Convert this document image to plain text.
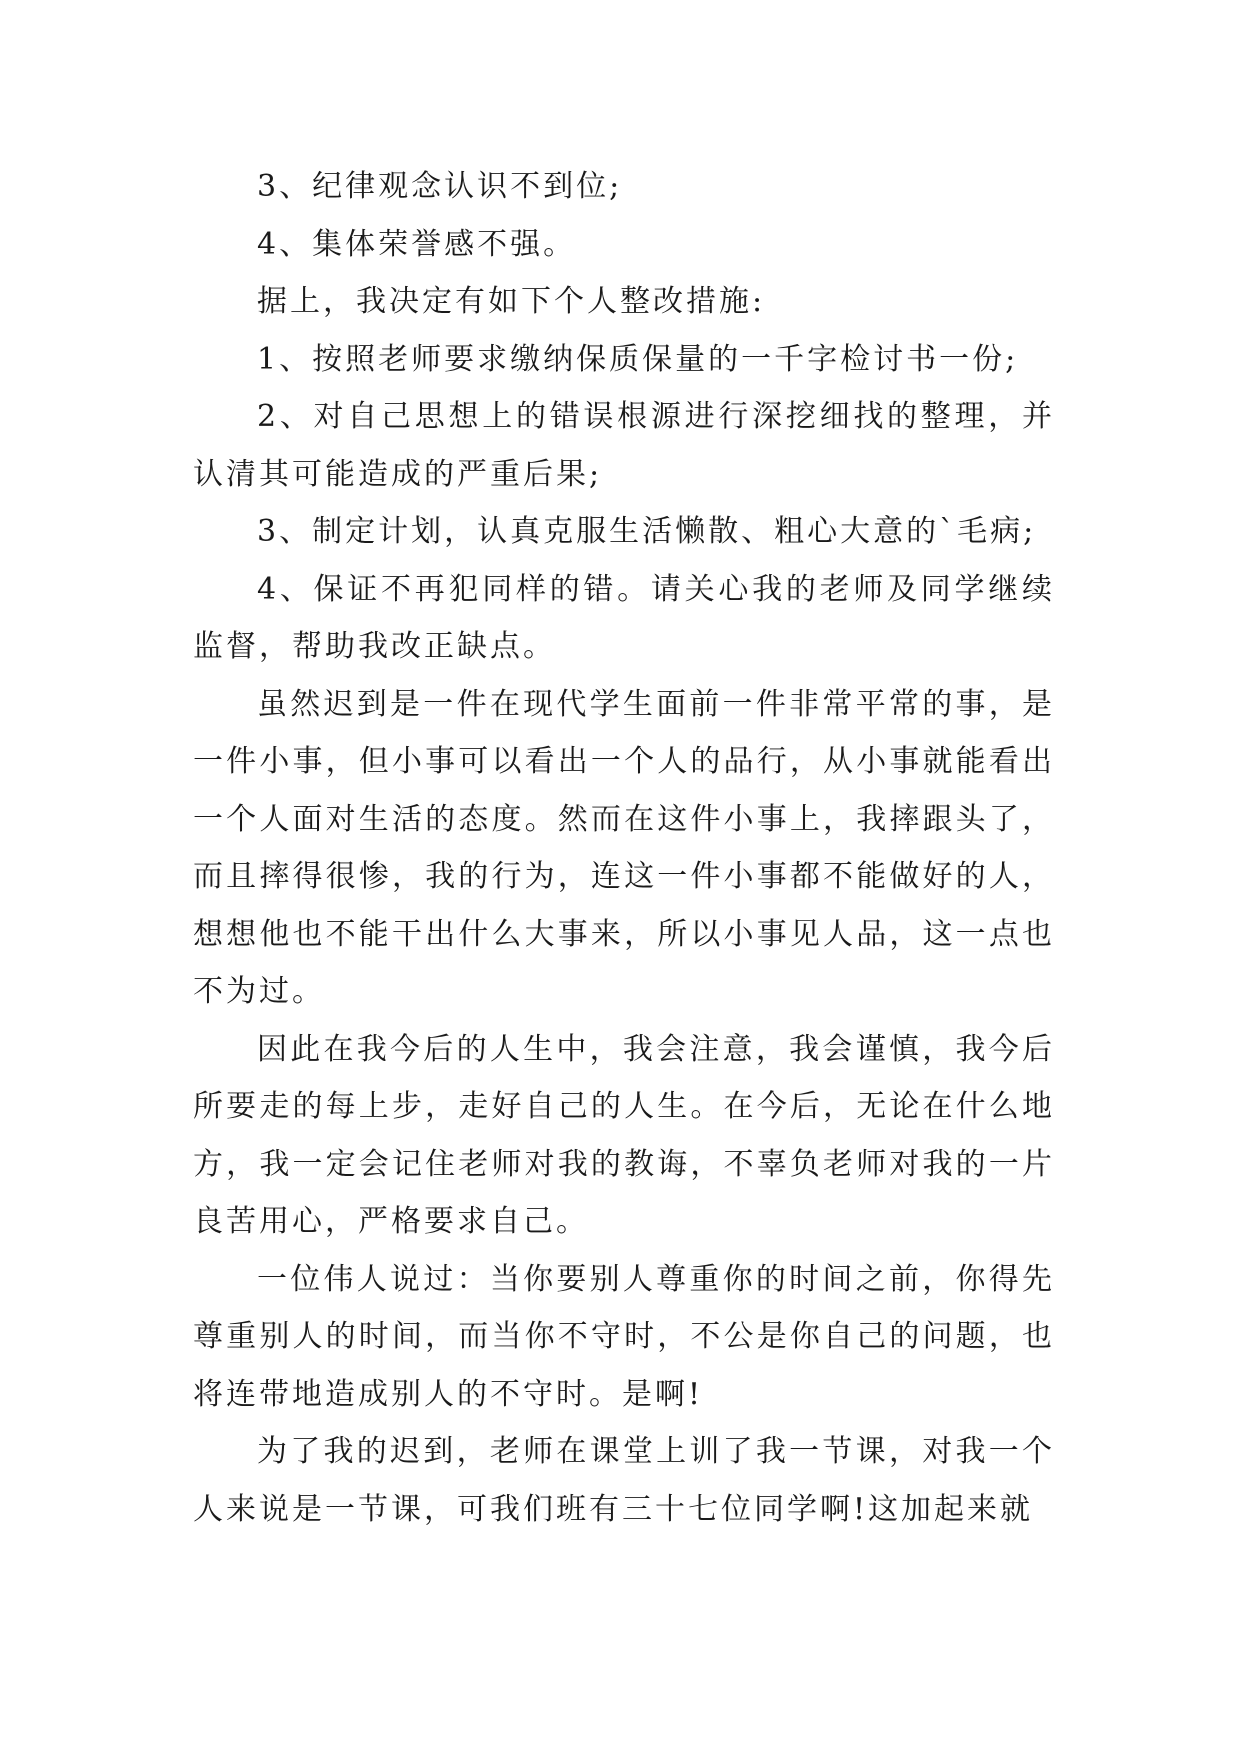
3、纪律观念认识不到位;

4、集体荣誉感不强。

据上，我决定有如下个人整改措施:

1、按照老师要求缴纳保质保量的一千字检讨书一份;

2、对自己思想上的错误根源进行深挖细找的整理，并认清其可能造成的严重后果;

3、制定计划，认真克服生活懒散、粗心大意的`毛病;

4、保证不再犯同样的错。请关心我的老师及同学继续监督，帮助我改正缺点。

虽然迟到是一件在现代学生面前一件非常平常的事，是一件小事，但小事可以看出一个人的品行，从小事就能看出一个人面对生活的态度。然而在这件小事上，我摔跟头了，而且摔得很惨，我的行为，连这一件小事都不能做好的人，想想他也不能干出什么大事来，所以小事见人品，这一点也不为过。

因此在我今后的人生中，我会注意，我会谨慎，我今后所要走的每上步，走好自己的人生。在今后，无论在什么地方，我一定会记住老师对我的教诲，不辜负老师对我的一片良苦用心，严格要求自己。

一位伟人说过：当你要别人尊重你的时间之前，你得先尊重别人的时间，而当你不守时，不公是你自己的问题，也将连带地造成别人的不守时。是啊!

为了我的迟到，老师在课堂上训了我一节课，对我一个人来说是一节课，可我们班有三十七位同学啊!这加起来就
